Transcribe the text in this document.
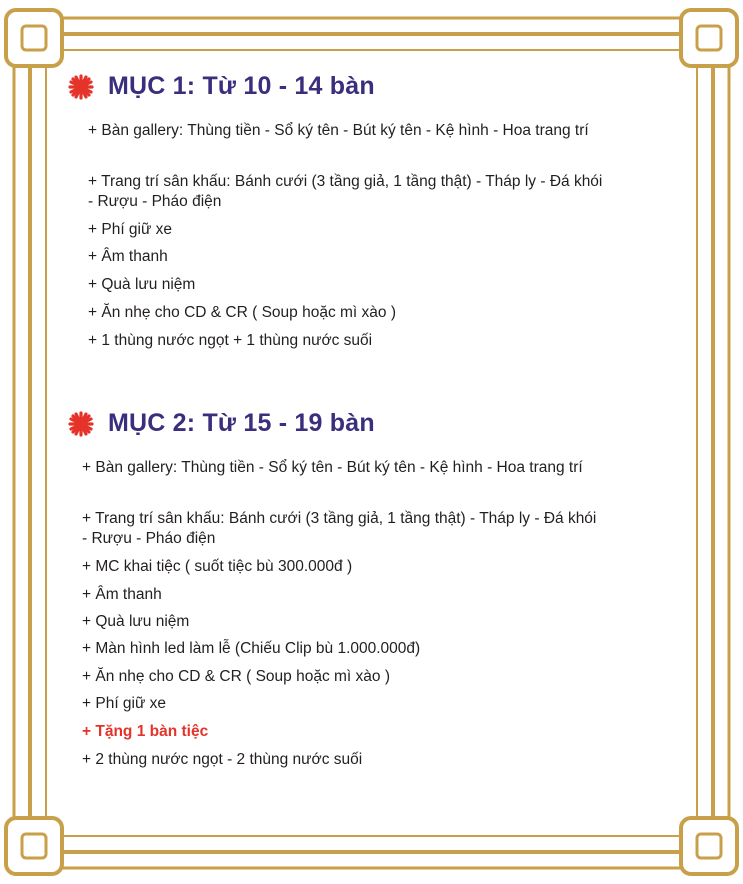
MỤC 1: Từ 10 - 14 bàn
+ Bàn gallery: Thùng tiền - Sổ ký tên - Bút ký tên - Kệ hình - Hoa trang trí
+ Trang trí sân khấu: Bánh cưới (3 tầng giả, 1 tầng thật) - Tháp ly - Đá khói - Rượu - Pháo điện
+ Phí giữ xe
+ Âm thanh
+ Quà lưu niệm
+ Ăn nhẹ cho CD & CR ( Soup hoặc mì xào )
+ 1 thùng nước ngọt + 1 thùng nước suối
MỤC 2: Từ 15 - 19 bàn
+ Bàn gallery: Thùng tiền - Sổ ký tên - Bút ký tên - Kệ hình - Hoa trang trí
+ Trang trí sân khấu: Bánh cưới (3 tầng giả, 1 tầng thật) - Tháp ly - Đá khói - Rượu - Pháo điện
+ MC khai tiệc ( suốt tiệc bù 300.000đ )
+ Âm thanh
+ Quà lưu niệm
+ Màn hình led làm lễ (Chiếu Clip bù 1.000.000đ)
+ Ăn nhẹ cho CD & CR ( Soup hoặc mì xào )
+ Phí giữ xe
+ Tặng 1 bàn tiệc
+ 2 thùng nước ngọt - 2 thùng nước suối
